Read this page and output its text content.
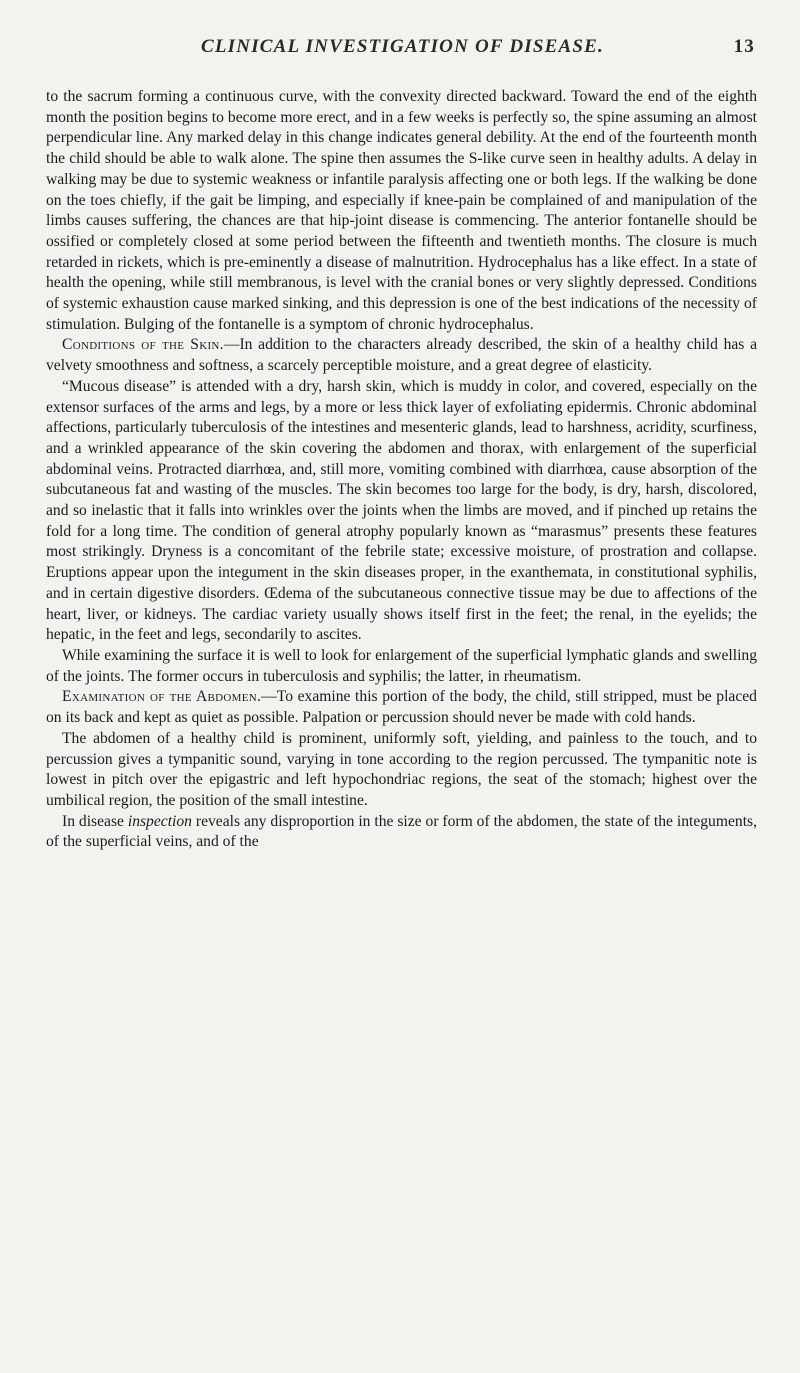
CLINICAL INVESTIGATION OF DISEASE.	13

to the sacrum forming a continuous curve, with the convexity directed backward. Toward the end of the eighth month the position begins to become more erect, and in a few weeks is perfectly so, the spine assuming an almost perpendicular line. Any marked delay in this change indicates general debility. At the end of the fourteenth month the child should be able to walk alone. The spine then assumes the S-like curve seen in healthy adults. A delay in walking may be due to systemic weakness or infantile paralysis affecting one or both legs. If the walking be done on the toes chiefly, if the gait be limping, and especially if knee-pain be complained of and manipulation of the limbs causes suffering, the chances are that hip-joint disease is commencing. The anterior fontanelle should be ossified or completely closed at some period between the fifteenth and twentieth months. The closure is much retarded in rickets, which is pre-eminently a disease of malnutrition. Hydrocephalus has a like effect. In a state of health the opening, while still membranous, is level with the cranial bones or very slightly depressed. Conditions of systemic exhaustion cause marked sinking, and this depression is one of the best indications of the necessity of stimulation. Bulging of the fontanelle is a symptom of chronic hydrocephalus.

Conditions of the Skin.—In addition to the characters already described, the skin of a healthy child has a velvety smoothness and softness, a scarcely perceptible moisture, and a great degree of elasticity.

“Mucous disease” is attended with a dry, harsh skin, which is muddy in color, and covered, especially on the extensor surfaces of the arms and legs, by a more or less thick layer of exfoliating epidermis. Chronic abdominal affections, particularly tuberculosis of the intestines and mesenteric glands, lead to harshness, acridity, scurfiness, and a wrinkled appearance of the skin covering the abdomen and thorax, with enlargement of the superficial abdominal veins. Protracted diarrhœa, and, still more, vomiting combined with diarrhœa, cause absorption of the subcutaneous fat and wasting of the muscles. The skin becomes too large for the body, is dry, harsh, discolored, and so inelastic that it falls into wrinkles over the joints when the limbs are moved, and if pinched up retains the fold for a long time. The condition of general atrophy popularly known as “marasmus” presents these features most strikingly. Dryness is a concomitant of the febrile state; excessive moisture, of prostration and collapse. Eruptions appear upon the integument in the skin diseases proper, in the exanthemata, in constitutional syphilis, and in certain digestive disorders. Œdema of the subcutaneous connective tissue may be due to affections of the heart, liver, or kidneys. The cardiac variety usually shows itself first in the feet; the renal, in the eyelids; the hepatic, in the feet and legs, secondarily to ascites.

While examining the surface it is well to look for enlargement of the superficial lymphatic glands and swelling of the joints. The former occurs in tuberculosis and syphilis; the latter, in rheumatism.

Examination of the Abdomen.—To examine this portion of the body, the child, still stripped, must be placed on its back and kept as quiet as possible. Palpation or percussion should never be made with cold hands.

The abdomen of a healthy child is prominent, uniformly soft, yielding, and painless to the touch, and to percussion gives a tympanitic sound, varying in tone according to the region percussed. The tympanitic note is lowest in pitch over the epigastric and left hypochondriac regions, the seat of the stomach; highest over the umbilical region, the position of the small intestine.

In disease inspection reveals any disproportion in the size or form of the abdomen, the state of the integuments, of the superficial veins, and of the
